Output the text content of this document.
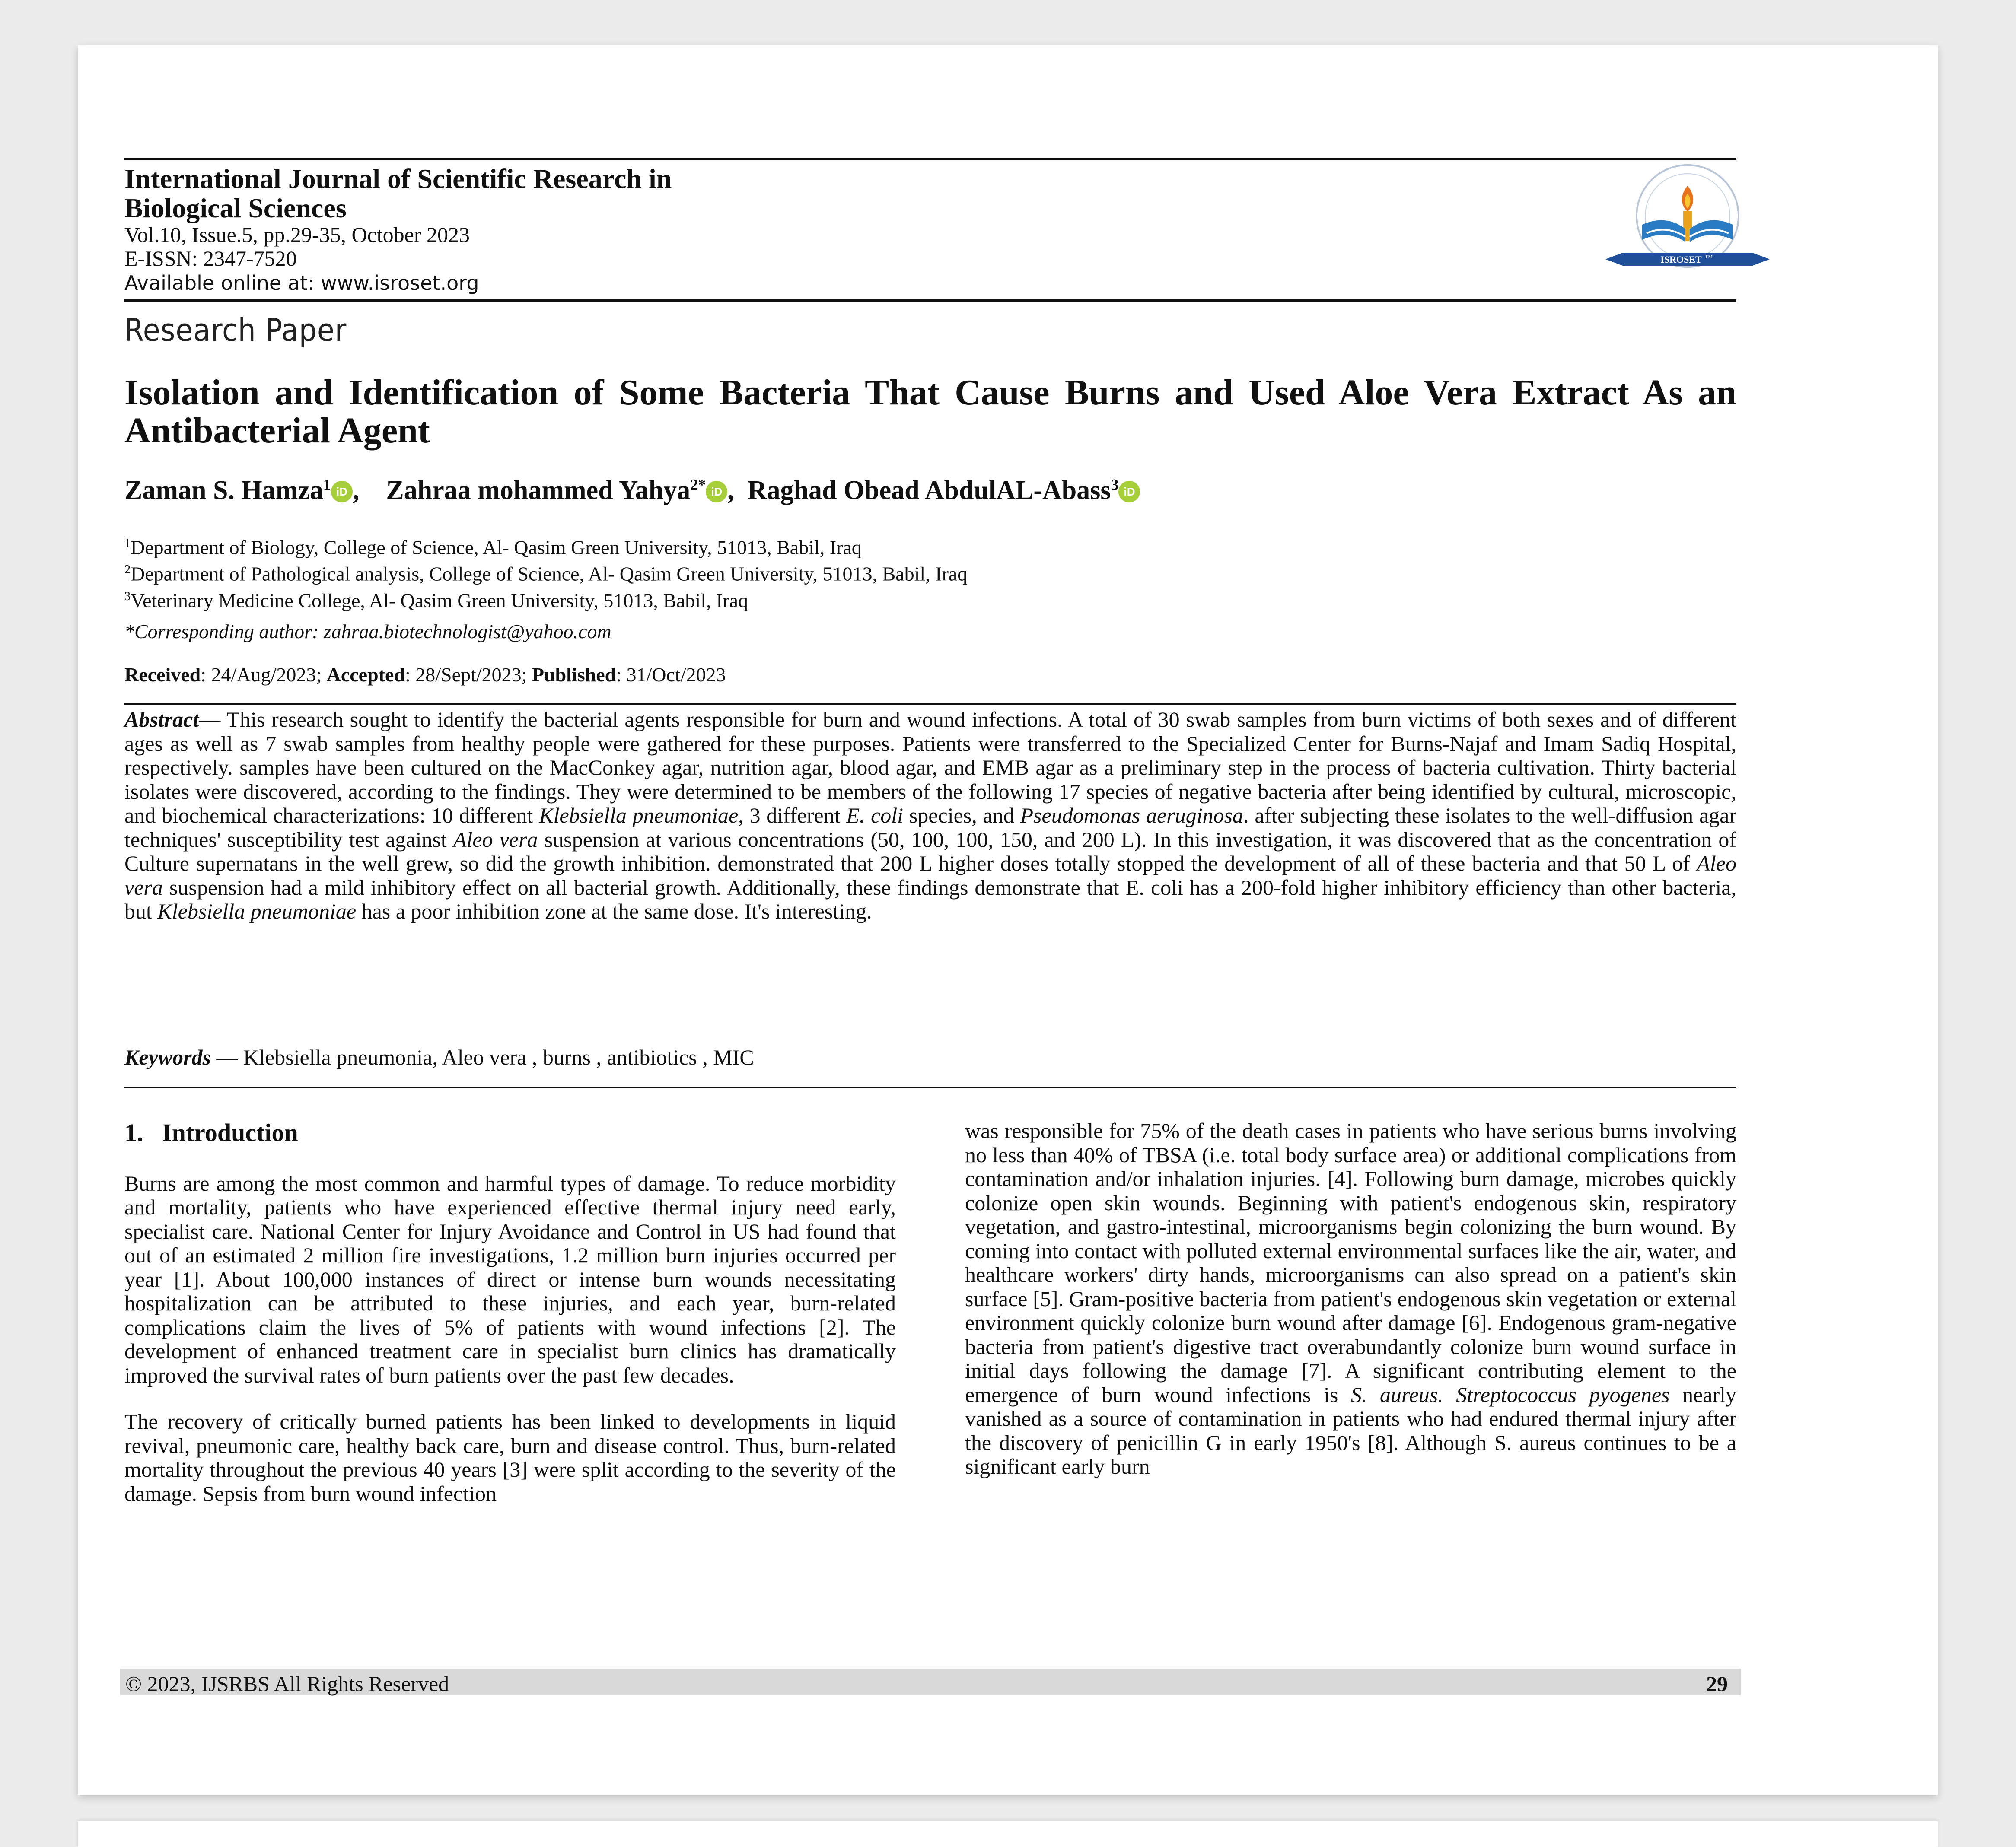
International Journal of Scientific Research in
Biological Sciences
Vol.10, Issue.5, pp.29-35, October 2023
E-ISSN: 2347-7520
Available online at: www.isroset.org
ISROSET TM
Research Paper
Isolation and Identification of Some Bacteria That Cause Burns and Used Aloe Vera Extract As an Antibacterial Agent
Zaman S. Hamza$^1$ iD ,    Zahraa mohammed Yahya$^{2*}$ iD ,  Raghad Obead AbdulAL-Abass$^3$ iD
$^1$Department of Biology, College of Science, Al- Qasim Green University, 51013, Babil, Iraq
$^2$Department of Pathological analysis, College of Science, Al- Qasim Green University, 51013, Babil, Iraq
$^3$Veterinary Medicine College, Al- Qasim Green University, 51013, Babil, Iraq
*Corresponding author: zahraa.biotechnologist@yahoo.com
Received: 24/Aug/2023; Accepted: 28/Sept/2023; Published: 31/Oct/2023
Abstract— This research sought to identify the bacterial agents responsible for burn and wound infections. A total of 30 swab samples from burn victims of both sexes and of different ages as well as 7 swab samples from healthy people were gathered for these purposes. Patients were transferred to the Specialized Center for Burns-Najaf and Imam Sadiq Hospital, respectively. samples have been cultured on the MacConkey agar, nutrition agar, blood agar, and EMB agar as a preliminary step in the process of bacteria cultivation. Thirty bacterial isolates were discovered, according to the findings. They were determined to be members of the following 17 species of negative bacteria after being identified by cultural, microscopic, and biochemical characterizations: 10 different Klebsiella pneumoniae, 3 different E. coli species, and Pseudomonas aeruginosa. after subjecting these isolates to the well-diffusion agar techniques' susceptibility test against Aleo vera suspension at various concentrations (50, 100, 100, 150, and 200 L). In this investigation, it was discovered that as the concentration of Culture supernatans in the well grew, so did the growth inhibition. demonstrated that 200 L higher doses totally stopped the development of all of these bacteria and that 50 L of Aleo vera suspension had a mild inhibitory effect on all bacterial growth. Additionally, these findings demonstrate that E. coli has a 200-fold higher inhibitory efficiency than other bacteria, but Klebsiella pneumoniae has a poor inhibition zone at the same dose. It's interesting.
Keywords — Klebsiella pneumonia, Aleo vera , burns , antibiotics , MIC
1.   Introduction

Burns are among the most common and harmful types of damage. To reduce morbidity and mortality, patients who have experienced effective thermal injury need early, specialist care. National Center for Injury Avoidance and Control in US had found that out of an estimated 2 million fire investigations, 1.2 million burn injuries occurred per year [1]. About 100,000 instances of direct or intense burn wounds necessitating hospitalization can be attributed to these injuries, and each year, burn-related complications claim the lives of 5% of patients with wound infections [2]. The development of enhanced treatment care in specialist burn clinics has dramatically improved the survival rates of burn patients over the past few decades.

The recovery of critically burned patients has been linked to developments in liquid revival, pneumonic care, healthy back care, burn and disease control. Thus, burn-related mortality throughout the previous 40 years [3] were split according to the severity of the damage. Sepsis from burn wound infection

was responsible for 75% of the death cases in patients who have serious burns involving no less than 40% of TBSA (i.e. total body surface area) or additional complications from contamination and/or inhalation injuries. [4]. Following burn damage, microbes quickly colonize open skin wounds. Beginning with patient's endogenous skin, respiratory vegetation, and gastro-intestinal, microorganisms begin colonizing the burn wound. By coming into contact with polluted external environmental surfaces like the air, water, and healthcare workers' dirty hands, microorganisms can also spread on a patient's skin surface [5]. Gram-positive bacteria from patient's endogenous skin vegetation or external environment quickly colonize burn wound after damage [6]. Endogenous gram-negative bacteria from patient's digestive tract overabundantly colonize burn wound surface in initial days following the damage [7]. A significant contributing element to the emergence of burn wound infections is S. aureus. Streptococcus pyogenes nearly vanished as a source of contamination in patients who had endured thermal injury after the discovery of penicillin G in early 1950's [8]. Although S. aureus continues to be a significant early burn

© 2023, IJSRBS All Rights Reserved	29
